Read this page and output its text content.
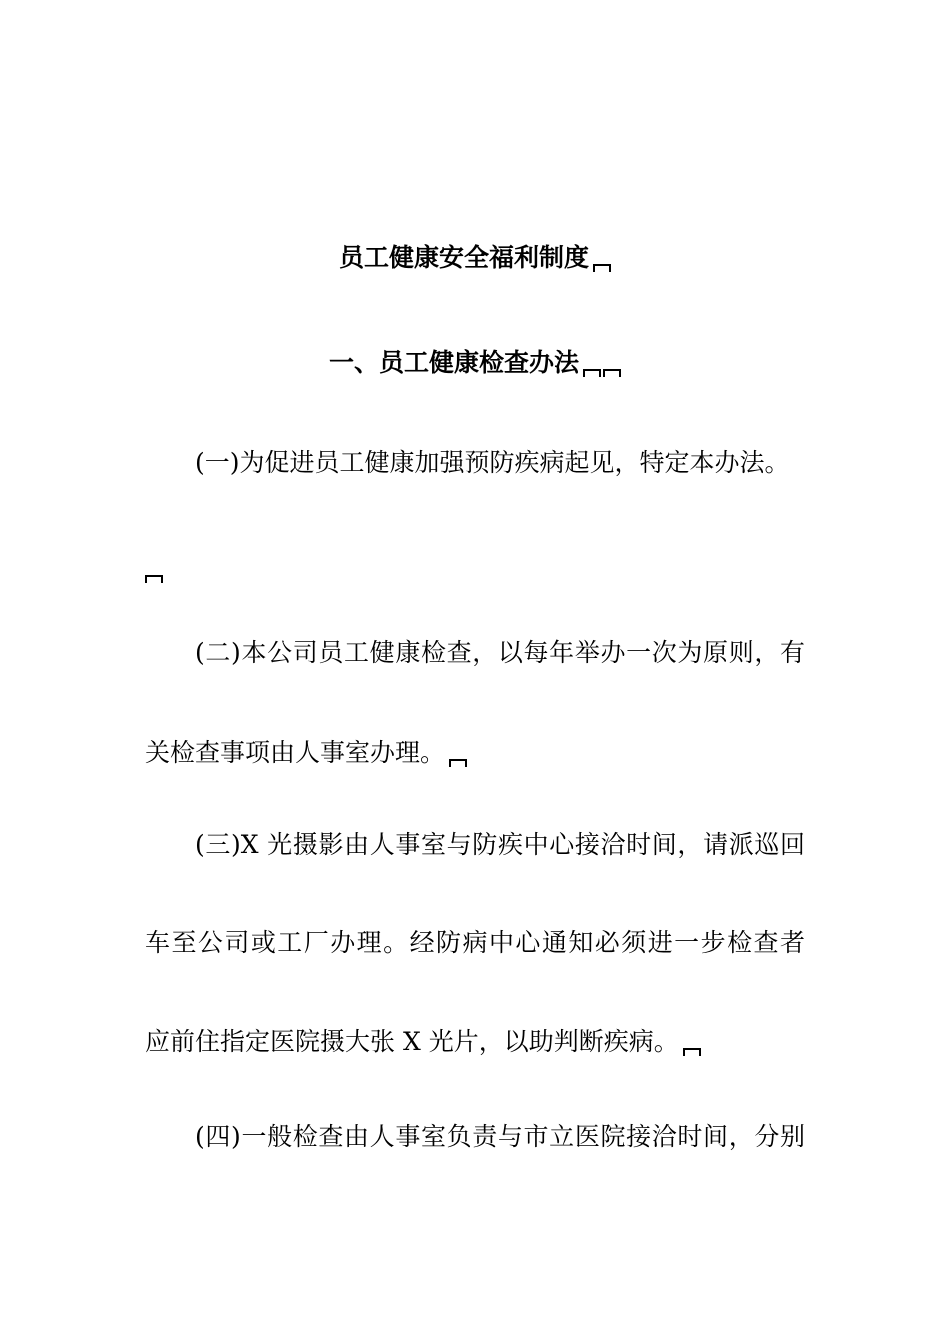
员工健康安全福利制度
一、员工健康检查办法
(一)为促进员工健康加强预防疾病起见，特定本办法。
(二)本公司员工健康检查，以每年举办一次为原则，有
关检查事项由人事室办理。
(三)X 光摄影由人事室与防疾中心接洽时间，请派巡回
车至公司或工厂办理。经防病中心通知必须进一步检查者
应前住指定医院摄大张 X 光片，以助判断疾病。
(四)一般检查由人事室负责与市立医院接洽时间，分别
